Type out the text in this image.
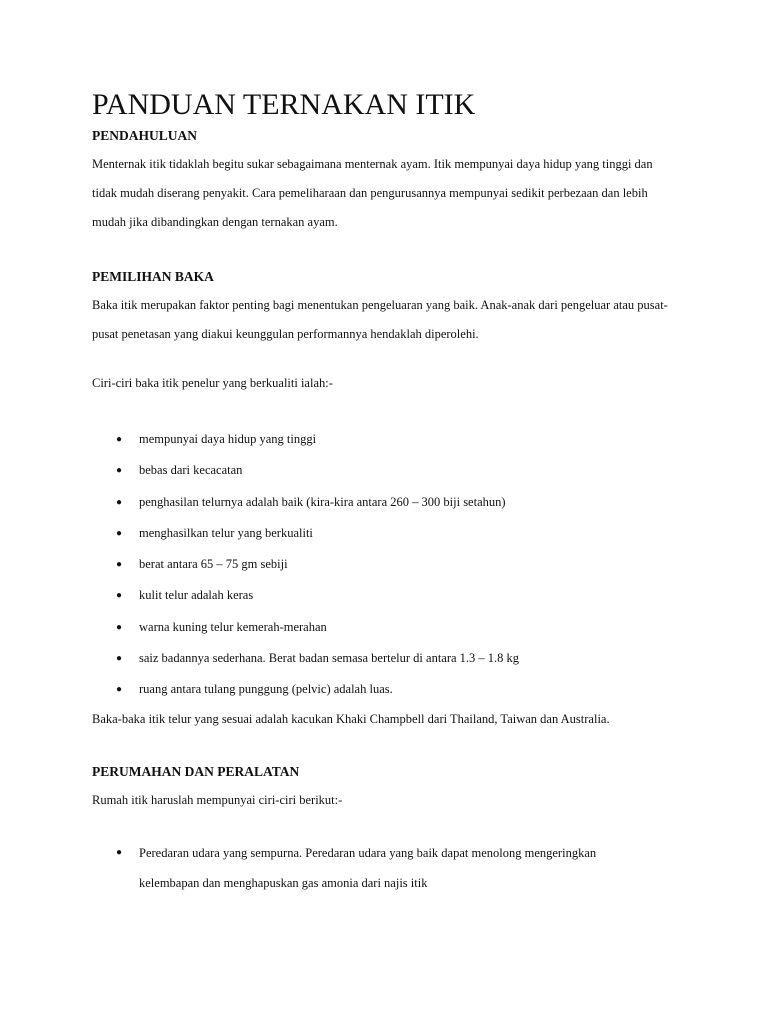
PANDUAN TERNAKAN ITIK
PENDAHULUAN

Menternak itik tidaklah begitu sukar sebagaimana menternak ayam. Itik mempunyai daya hidup yang tinggi dan tidak mudah diserang penyakit. Cara pemeliharaan dan pengurusannya mempunyai sedikit perbezaan dan lebih mudah jika dibandingkan dengan ternakan ayam.

PEMILIHAN BAKA

Baka itik merupakan faktor penting bagi menentukan pengeluaran yang baik. Anak-anak dari pengeluar atau pusat-pusat penetasan yang diakui keunggulan performannya hendaklah diperolehi.

Ciri-ciri baka itik penelur yang berkualiti ialah:-

● mempunyai daya hidup yang tinggi
● bebas dari kecacatan
● penghasilan telurnya adalah baik (kira-kira antara 260 – 300 biji setahun)
● menghasilkan telur yang berkualiti
● berat antara 65 – 75 gm sebiji
● kulit telur adalah keras
● warna kuning telur kemerah-merahan
● saiz badannya sederhana. Berat badan semasa bertelur di antara 1.3 – 1.8 kg
● ruang antara tulang punggung (pelvic) adalah luas.

Baka-baka itik telur yang sesuai adalah kacukan Khaki Champbell dari Thailand, Taiwan dan Australia.

PERUMAHAN DAN PERALATAN

Rumah itik haruslah mempunyai ciri-ciri berikut:-

● Peredaran udara yang sempurna. Peredaran udara yang baik dapat menolong mengeringkan kelembapan dan menghapuskan gas amonia dari najis itik
